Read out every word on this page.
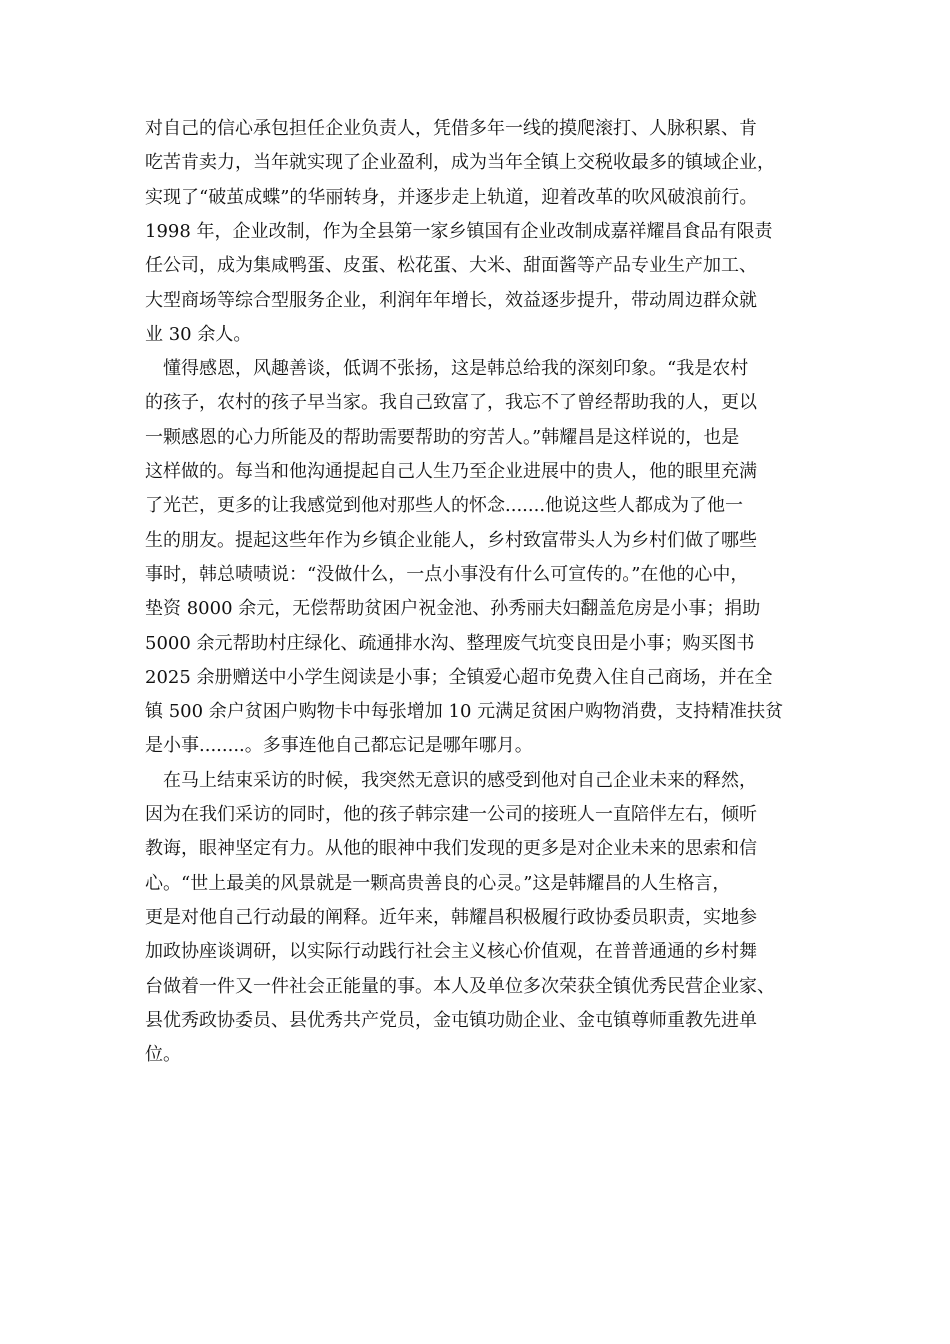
对自己的信心承包担任企业负责人，凭借多年一线的摸爬滚打、人脉积累、肯
吃苦肯卖力，当年就实现了企业盈利，成为当年全镇上交税收最多的镇域企业，
实现了“破茧成蝶”的华丽转身，并逐步走上轨道，迎着改革的吹风破浪前行。
1998 年，企业改制，作为全县第一家乡镇国有企业改制成嘉祥耀昌食品有限责
任公司，成为集咸鸭蛋、皮蛋、松花蛋、大米、甜面酱等产品专业生产加工、
大型商场等综合型服务企业，利润年年增长，效益逐步提升，带动周边群众就
业 30 余人。
　懂得感恩，风趣善谈，低调不张扬，这是韩总给我的深刻印象。“我是农村
的孩子，农村的孩子早当家。我自己致富了，我忘不了曾经帮助我的人，更以
一颗感恩的心力所能及的帮助需要帮助的穷苦人。”韩耀昌是这样说的，也是
这样做的。每当和他沟通提起自己人生乃至企业进展中的贵人，他的眼里充满
了光芒，更多的让我感觉到他对那些人的怀念.......他说这些人都成为了他一
生的朋友。提起这些年作为乡镇企业能人，乡村致富带头人为乡村们做了哪些
事时，韩总啧啧说：“没做什么，一点小事没有什么可宣传的。”在他的心中，
垫资 8000 余元，无偿帮助贫困户祝金池、孙秀丽夫妇翻盖危房是小事；捐助
5000 余元帮助村庄绿化、疏通排水沟、整理废气坑变良田是小事；购买图书
2025 余册赠送中小学生阅读是小事；全镇爱心超市免费入住自己商场，并在全
镇 500 余户贫困户购物卡中每张增加 10 元满足贫困户购物消费，支持精准扶贫
是小事........。多事连他自己都忘记是哪年哪月。
　在马上结束采访的时候，我突然无意识的感受到他对自己企业未来的释然，
因为在我们采访的同时，他的孩子韩宗建一公司的接班人一直陪伴左右，倾听
教诲，眼神坚定有力。从他的眼神中我们发现的更多是对企业未来的思索和信
心。“世上最美的风景就是一颗高贵善良的心灵。”这是韩耀昌的人生格言，
更是对他自己行动最的阐释。近年来，韩耀昌积极履行政协委员职责，实地参
加政协座谈调研，以实际行动践行社会主义核心价值观，在普普通通的乡村舞
台做着一件又一件社会正能量的事。本人及单位多次荣获全镇优秀民营企业家、
县优秀政协委员、县优秀共产党员，金屯镇功勋企业、金屯镇尊师重教先进单
位。
